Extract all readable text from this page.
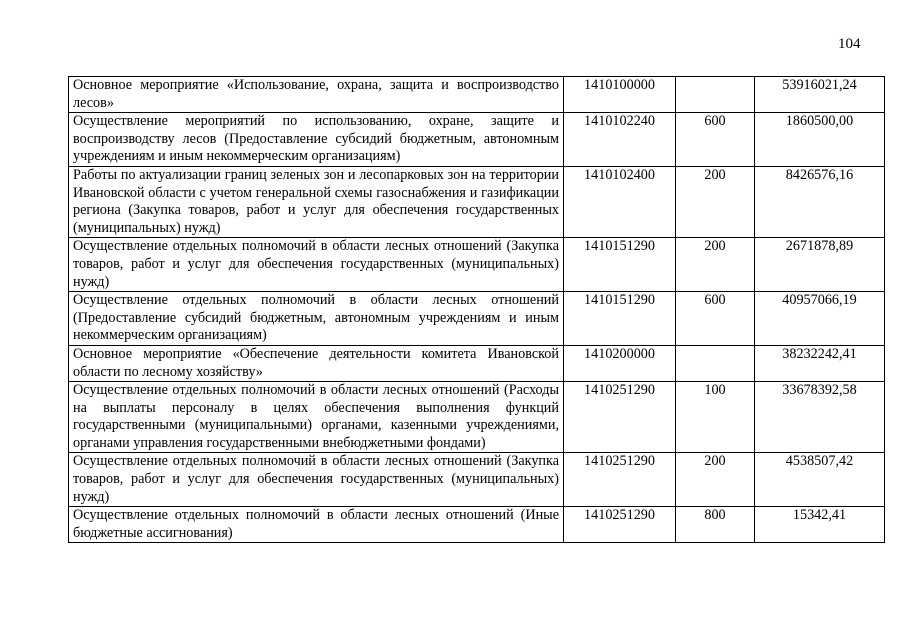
104
Основное мероприятие «Использование, охрана, защита и воспроизводство лесов»	1410100000		53916021,24
Осуществление мероприятий по использованию, охране, защите и воспроизводству лесов (Предоставление субсидий бюджетным, автономным учреждениям и иным некоммерческим организациям)	1410102240	600	1860500,00
Работы по актуализации границ зеленых зон и лесопарковых зон на территории Ивановской области с учетом генеральной схемы газоснабжения и газификации региона (Закупка товаров, работ и услуг для обеспечения государственных (муниципальных) нужд)	1410102400	200	8426576,16
Осуществление отдельных полномочий в области лесных отношений (Закупка товаров, работ и услуг для обеспечения государственных (муниципальных) нужд)	1410151290	200	2671878,89
Осуществление отдельных полномочий в области лесных отношений (Предоставление субсидий бюджетным, автономным учреждениям и иным некоммерческим организациям)	1410151290	600	40957066,19
Основное мероприятие «Обеспечение деятельности комитета Ивановской области по лесному хозяйству»	1410200000		38232242,41
Осуществление отдельных полномочий в области лесных отношений (Расходы на выплаты персоналу в целях обеспечения выполнения функций государственными (муниципальными) органами, казенными учреждениями, органами управления государственными внебюджетными фондами)	1410251290	100	33678392,58
Осуществление отдельных полномочий в области лесных отношений (Закупка товаров, работ и услуг для обеспечения государственных (муниципальных) нужд)	1410251290	200	4538507,42
Осуществление отдельных полномочий в области лесных отношений (Иные бюджетные ассигнования)	1410251290	800	15342,41
